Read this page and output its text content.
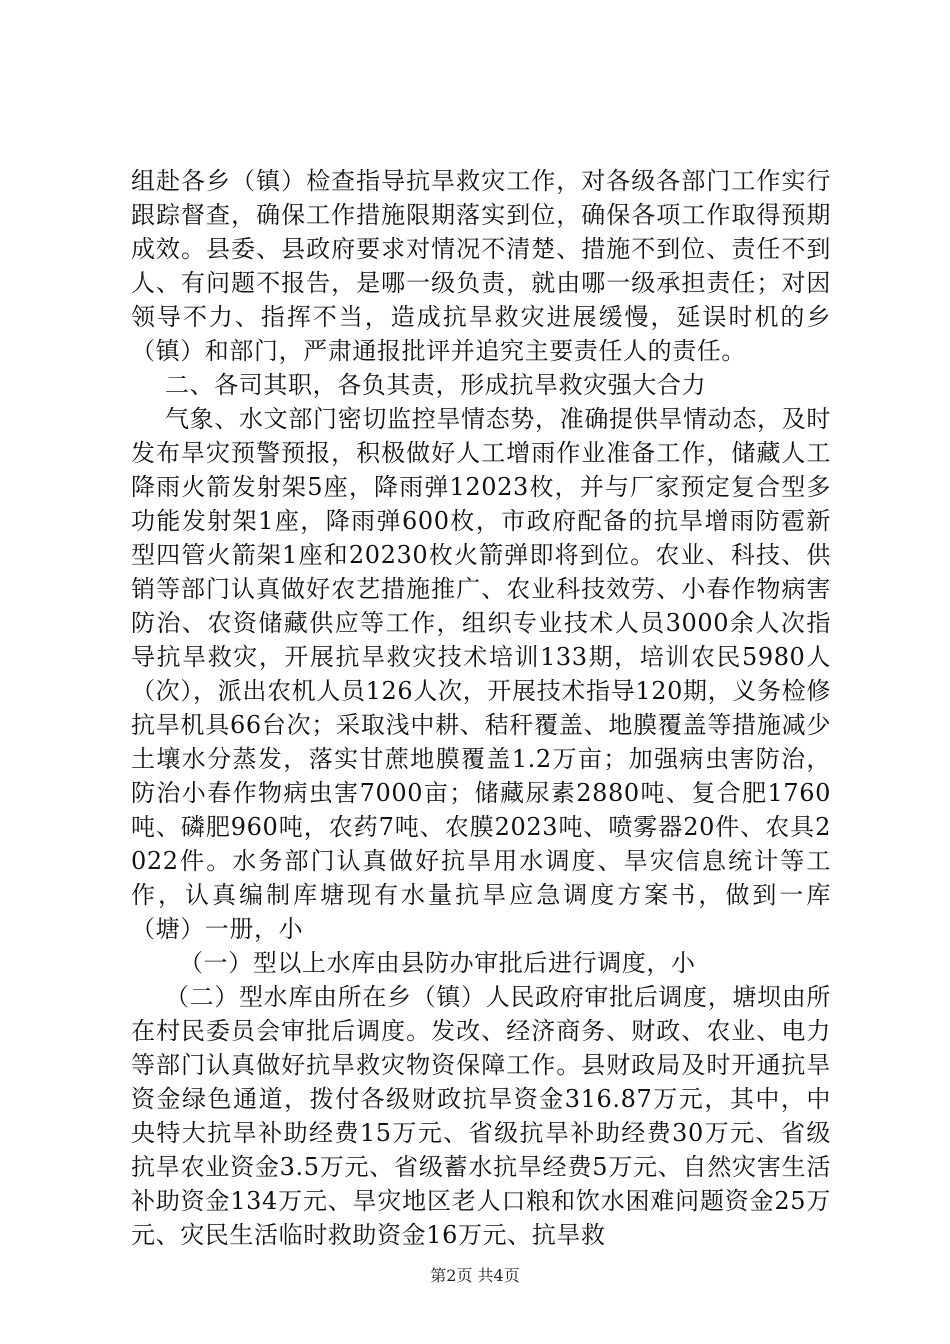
组赴各乡（镇）检查指导抗旱救灾工作，对各级各部门工作实行跟踪督查，确保工作措施限期落实到位，确保各项工作取得预期成效。县委、县政府要求对情况不清楚、措施不到位、责任不到人、有问题不报告，是哪一级负责，就由哪一级承担责任；对因领导不力、指挥不当，造成抗旱救灾进展缓慢，延误时机的乡（镇）和部门，严肃通报批评并追究主要责任人的责任。

二、各司其职，各负其责，形成抗旱救灾强大合力

气象、水文部门密切监控旱情态势，准确提供旱情动态，及时发布旱灾预警预报，积极做好人工增雨作业准备工作，储藏人工降雨火箭发射架5座，降雨弹12023枚，并与厂家预定复合型多功能发射架1座，降雨弹600枚，市政府配备的抗旱增雨防雹新型四管火箭架1座和20230枚火箭弹即将到位。农业、科技、供销等部门认真做好农艺措施推广、农业科技效劳、小春作物病害防治、农资储藏供应等工作，组织专业技术人员3000余人次指导抗旱救灾，开展抗旱救灾技术培训133期，培训农民5980人（次），派出农机人员126人次，开展技术指导120期，义务检修抗旱机具66台次；采取浅中耕、秸秆覆盖、地膜覆盖等措施减少土壤水分蒸发，落实甘蔗地膜覆盖1.2万亩；加强病虫害防治，防治小春作物病虫害7000亩；储藏尿素2880吨、复合肥1760吨、磷肥960吨，农药7吨、农膜2023吨、喷雾器20件、农具2022件。水务部门认真做好抗旱用水调度、旱灾信息统计等工作，认真编制库塘现有水量抗旱应急调度方案书，做到一库（塘）一册，小

（一）型以上水库由县防办审批后进行调度，小

（二）型水库由所在乡（镇）人民政府审批后调度，塘坝由所在村民委员会审批后调度。发改、经济商务、财政、农业、电力等部门认真做好抗旱救灾物资保障工作。县财政局及时开通抗旱资金绿色通道，拨付各级财政抗旱资金316.87万元，其中，中央特大抗旱补助经费15万元、省级抗旱补助经费30万元、省级抗旱农业资金3.5万元、省级蓄水抗旱经费5万元、自然灾害生活补助资金134万元、旱灾地区老人口粮和饮水困难问题资金25万元、灾民生活临时救助资金16万元、抗旱救

第2页 共4页
